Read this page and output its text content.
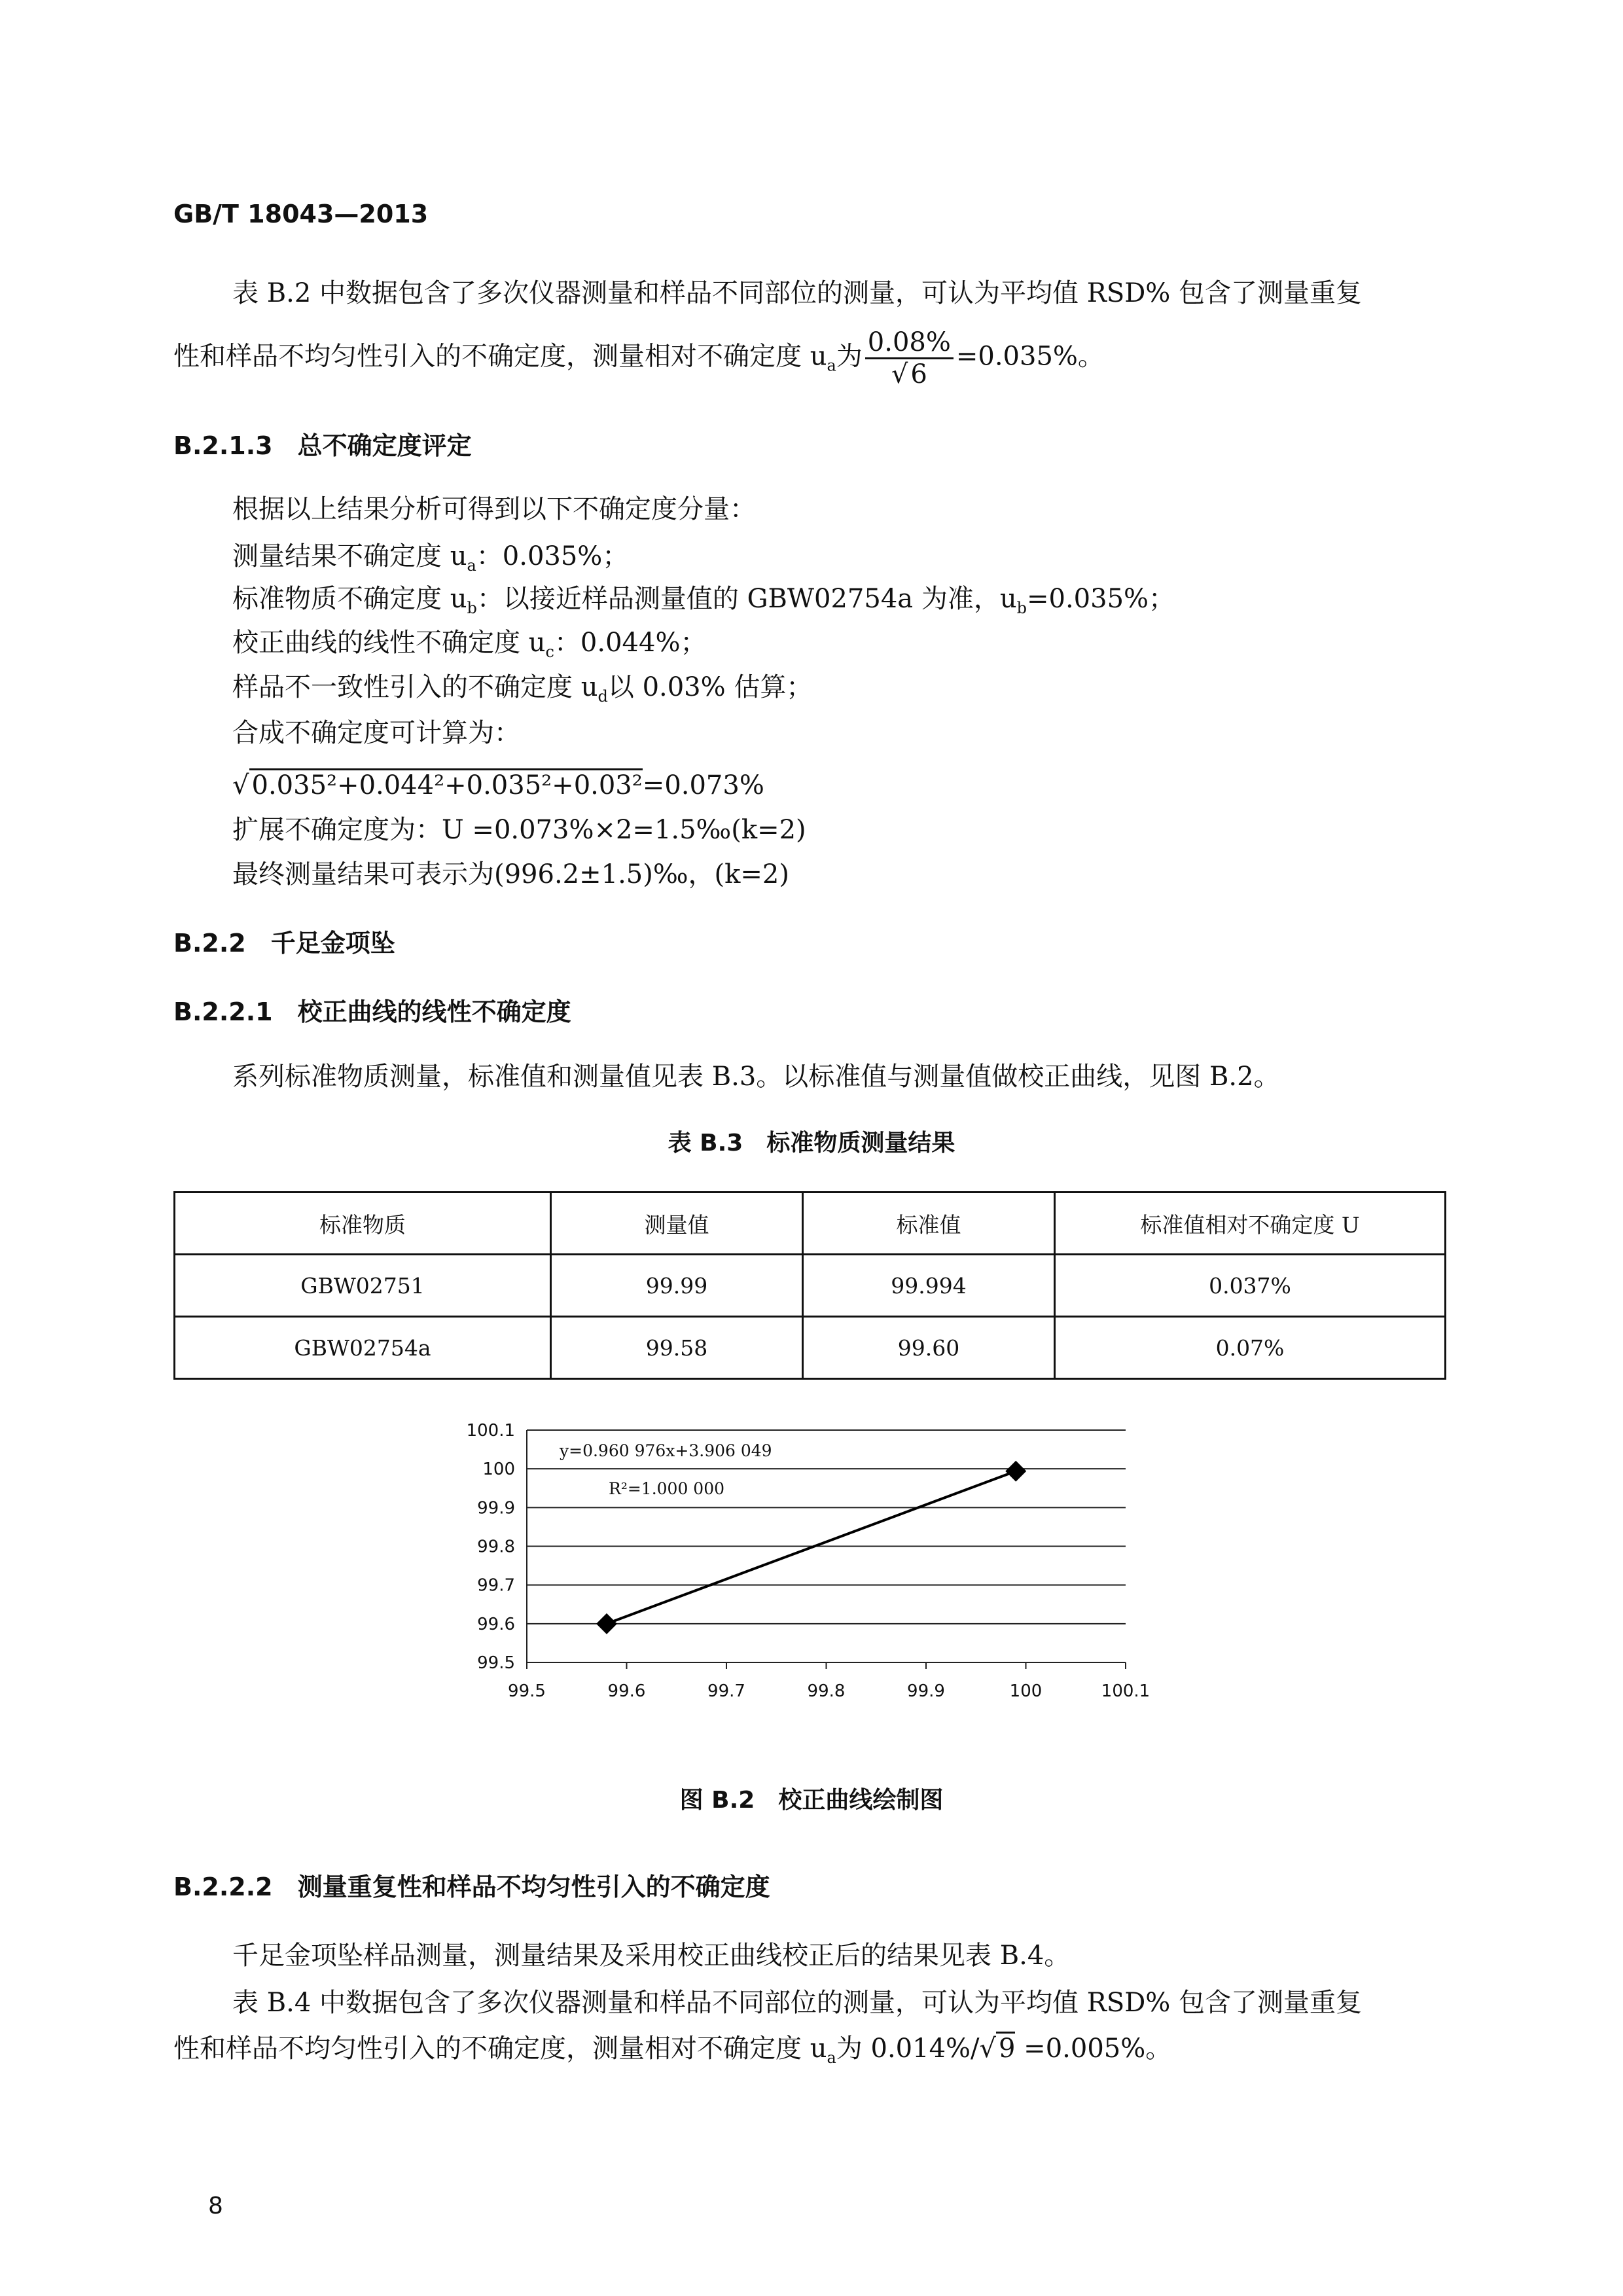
GB/T 18043—2013
表 B.2 中数据包含了多次仪器测量和样品不同部位的测量，可认为平均值 RSD% 包含了测量重复
性和样品不均匀性引入的不确定度，测量相对不确定度 $u_a$为 $\frac{0.08\%}{√ 6} =0.035\%$。
B.2.1.3　 总不确定度评定
根据以上结果分析可得到以下不确定度分量：
测量结果不确定度 $u_a$：0.035%；
标准物质不确定度 $u_b$：以接近样品测量值的 GBW02754a 为准，$u_b=0.035\%$；
校正曲线的线性不确定度 $u_c$：0.044%；
样品不一致性引入的不确定度 $u_d$以 0.03% 估算；
合成不确定度可计算为：
√ 0.035²+0.044²+0.035²+0.03²=0.073%
扩展不确定度为：U =0.073%×2=1.5‰(k=2)
最终测量结果可表示为(996.2±1.5)‰，(k=2)
B.2.2　 千足金项坠
B.2.2.1　 校正曲线的线性不确定度
系列标准物质测量，标准值和测量值见表 B.3。以标准值与测量值做校正曲线，见图 B.2。
表 B.3　标准物质测量结果
标准物质	测量值	标准值	标准值相对不确定度 U
GBW02751	99.99	99.994	0.037%
GBW02754a	99.58	99.60	0.07%
99.5
99.6
99.7
99.8
99.9
100
100.1
99.5	99.6	99.7	99.8	99.9	100	100.1
y=0.960 976x+3.906 049
R²=1.000 000
图 B.2　校正曲线绘制图
B.2.2.2　 测量重复性和样品不均匀性引入的不确定度
千足金项坠样品测量，测量结果及采用校正曲线校正后的结果见表 B.4。
表 B.4 中数据包含了多次仪器测量和样品不同部位的测量，可认为平均值 RSD% 包含了测量重复
性和样品不均匀性引入的不确定度，测量相对不确定度 $u_a$为 0.014%/√ 9 =0.005%。
8
